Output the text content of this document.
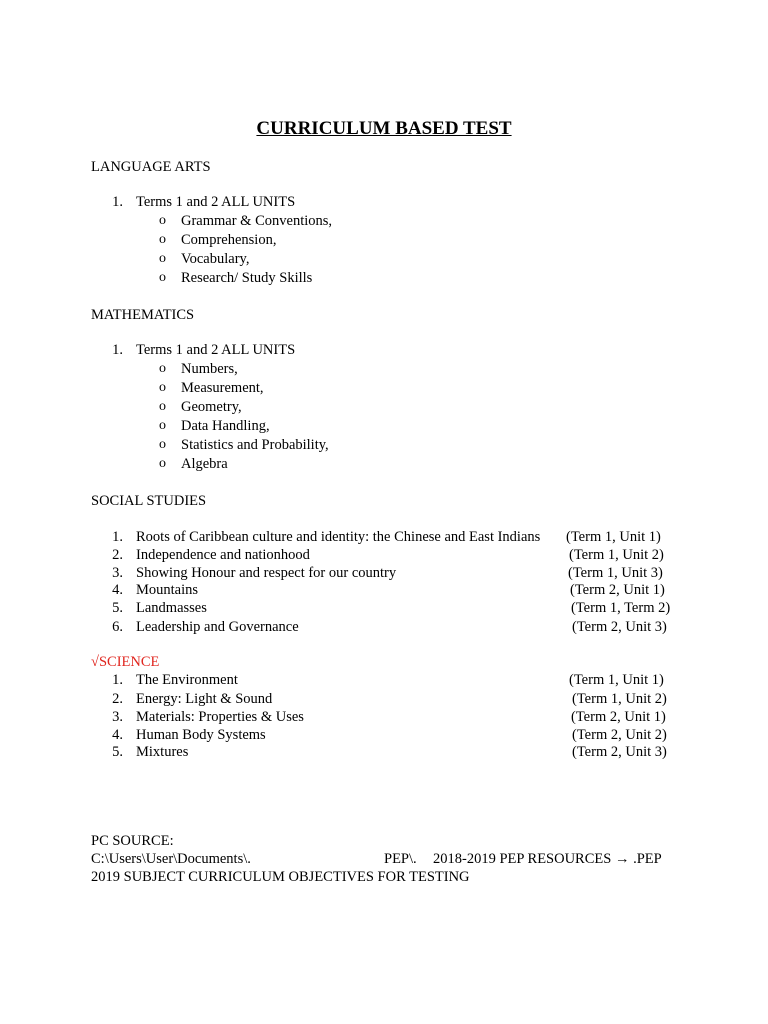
CURRICULUM BASED TEST
LANGUAGE ARTS
1. Terms 1 and 2 ALL UNITS
o Grammar & Conventions,
o Comprehension,
o Vocabulary,
o Research/ Study Skills
MATHEMATICS
1. Terms 1 and 2 ALL UNITS
o Numbers,
o Measurement,
o Geometry,
o Data Handling,
o Statistics and Probability,
o Algebra
SOCIAL STUDIES
1. Roots of Caribbean culture and identity: the Chinese and East Indians (Term 1, Unit 1)
2. Independence and nationhood	(Term 1, Unit 2)
3. Showing Honour and respect for our country	(Term 1, Unit 3)
4. Mountains	(Term 2, Unit 1)
5. Landmasses	(Term 1, Term 2)
6. Leadership and Governance	(Term 2, Unit 3)
√SCIENCE
1. The Environment	(Term 1, Unit 1)
2. Energy: Light & Sound	(Term 1, Unit 2)
3. Materials: Properties & Uses	(Term 2, Unit 1)
4. Human Body Systems	(Term 2, Unit 2)
5. Mixtures	(Term 2, Unit 3)
PC SOURCE:
C:\Users\User\Documents\.	PEP\. 2018-2019 PEP RESOURCES → .PEP
2019 SUBJECT CURRICULUM OBJECTIVES FOR TESTING
